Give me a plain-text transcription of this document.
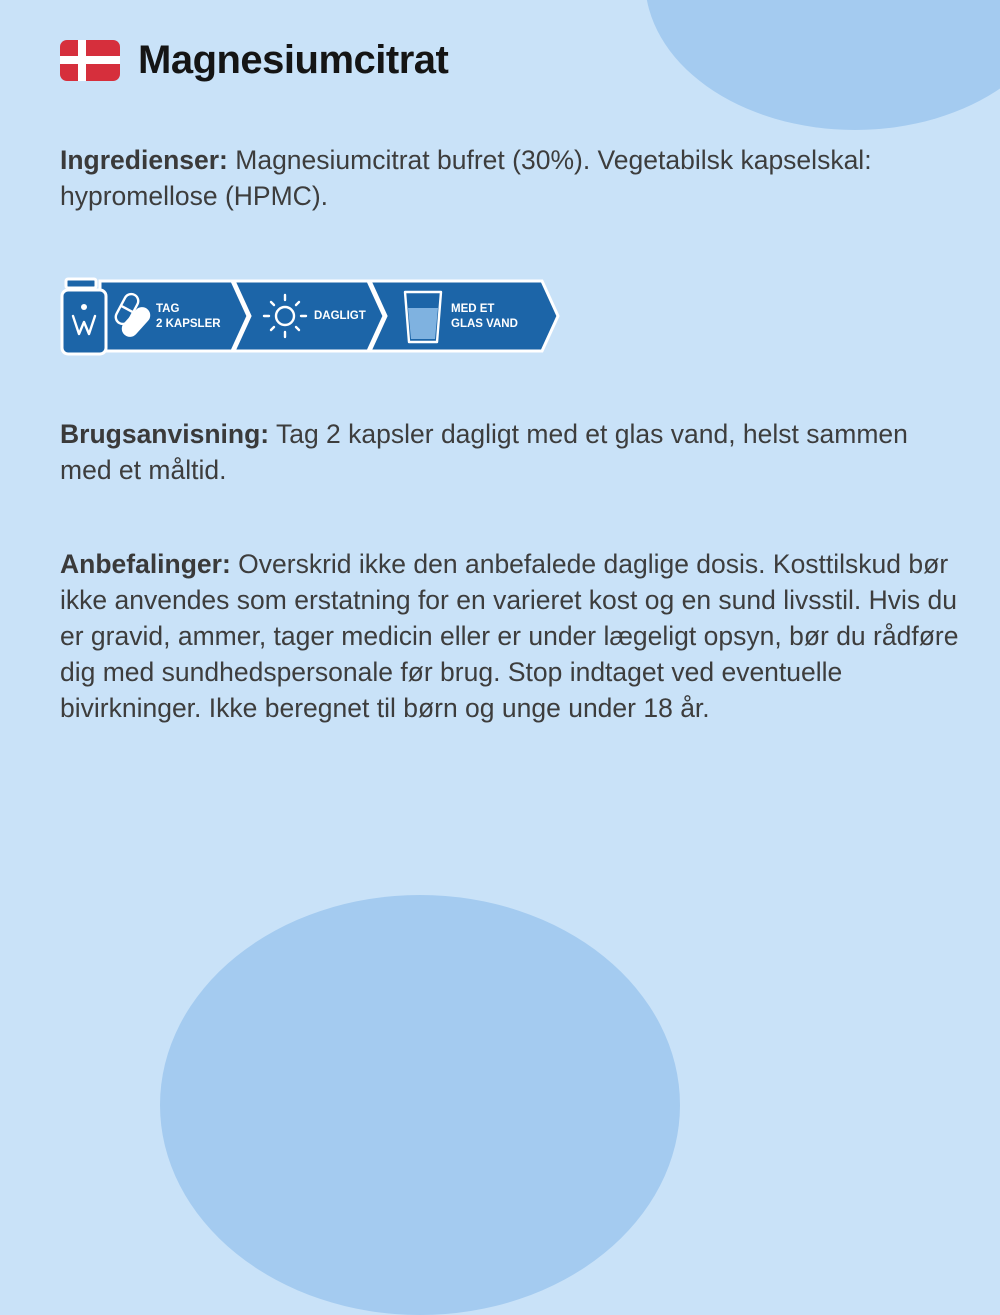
Magnesiumcitrat
Ingredienser: Magnesiumcitrat bufret (30%). Vegetabilsk kapselskal: hypromellose (HPMC).
TAG
2 KAPSLER
DAGLIGT
MED ET
GLAS VAND
Brugsanvisning: Tag 2 kapsler dagligt med et glas vand, helst sammen med et måltid.
Anbefalinger: Overskrid ikke den anbefalede daglige dosis. Kosttilskud bør ikke anvendes som erstatning for en varieret kost og en sund livsstil. Hvis du er gravid, ammer, tager medicin eller er under lægeligt opsyn, bør du rådføre dig med sundhedspersonale før brug. Stop indtaget ved eventuelle bivirkninger. Ikke beregnet til børn og unge under 18 år.
